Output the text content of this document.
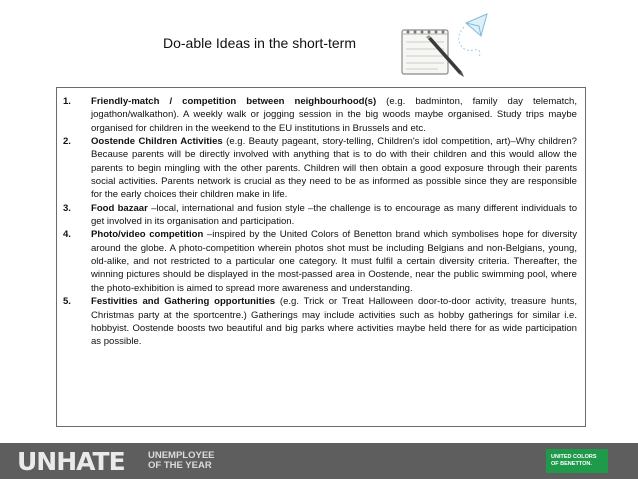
Do-able Ideas in the short-term
1.	Friendly-match / competition between neighbourhood(s) (e.g. badminton, family day telematch, jogathon/walkathon). A weekly walk or jogging session in the big woods maybe organised. Study trips maybe organised for children in the weekend to the EU institutions in Brussels and etc.
2.	Oostende Children Activities (e.g. Beauty pageant, story-telling, Children's idol competition, art)–Why children? Because parents will be directly involved with anything that is to do with their children and this would allow the parents to begin mingling with the other parents. Children will then obtain a good exposure through their parents social activities. Parents network is crucial as they need to be as informed as possible since they are responsible for the early choices their children make in life.
3.	Food bazaar –local, international and fusion style –the challenge is to encourage as many different individuals to get involved in its organisation and participation.
4.	Photo/video competition –inspired by the United Colors of Benetton brand which symbolises hope for diversity around the globe. A photo-competition wherein photos shot must be including Belgians and non-Belgians, young, old-alike, and not restricted to a particular one category. It must fulfil a certain diversity criteria. Thereafter, the winning pictures should be displayed in the most-passed area in Oostende, near the public swimming pool, where the photo-exhibition is aimed to spread more awareness and understanding.
5.	Festivities and Gathering opportunities (e.g. Trick or Treat Halloween door-to-door activity, treasure hunts, Christmas party at the sportcentre.) Gatherings may include activities such as hobby gatherings for similar i.e. hobbyist. Oostende boosts two beautiful and big parks where activities maybe held there for as wide participation as possible.
UNHATE UNEMPLOYEE
OF THE YEAR
UNITED COLORS
OF BENETTON.
